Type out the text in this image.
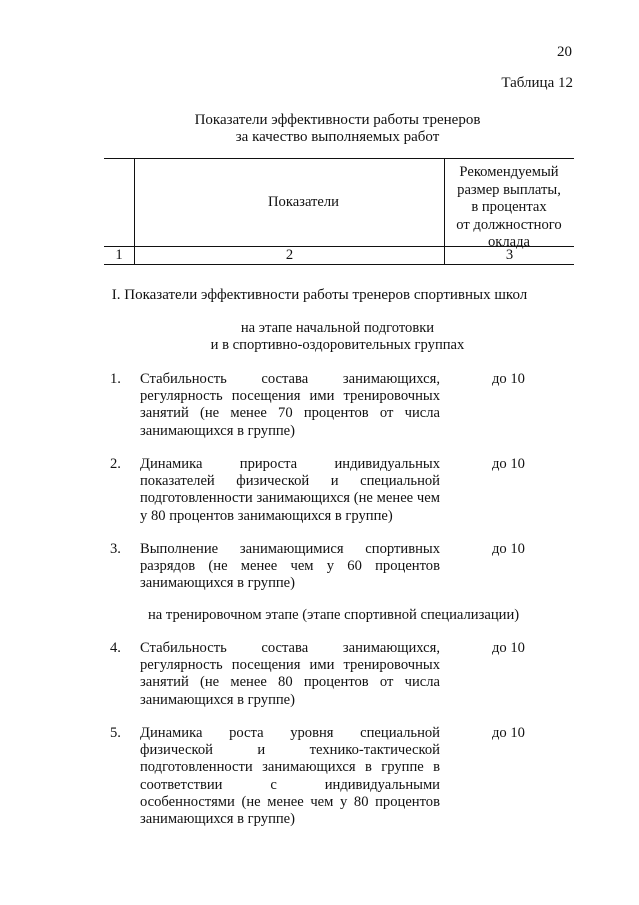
20
Таблица 12
Показатели эффективности работы тренеров
за качество выполняемых работ
Показатели
Рекомендуемый
размер выплаты,
в процентах
от должностного
оклада
1	2	3
I. Показатели эффективности работы тренеров спортивных школ
на этапе начальной подготовки
и в спортивно-оздоровительных группах
1. Стабильность состава занимающихся, регулярность посещения ими тренировочных занятий (не менее 70 процентов от числа занимающихся в группе)
до 10
2. Динамика прироста индивидуальных показателей физической и специальной подготовленности занимающихся (не менее чем у 80 процентов занимающихся в группе)
до 10
3. Выполнение занимающимися спортивных разрядов (не менее чем у 60 процентов занимающихся в группе)
до 10
на тренировочном этапе (этапе спортивной специализации)
4. Стабильность состава занимающихся, регулярность посещения ими тренировочных занятий (не менее 80 процентов от числа занимающихся в группе)
до 10
5. Динамика роста уровня специальной физической и технико-тактической подготовленности занимающихся в группе в соответствии с индивидуальными особенностями (не менее чем у 80 процентов занимающихся в группе)
до 10
